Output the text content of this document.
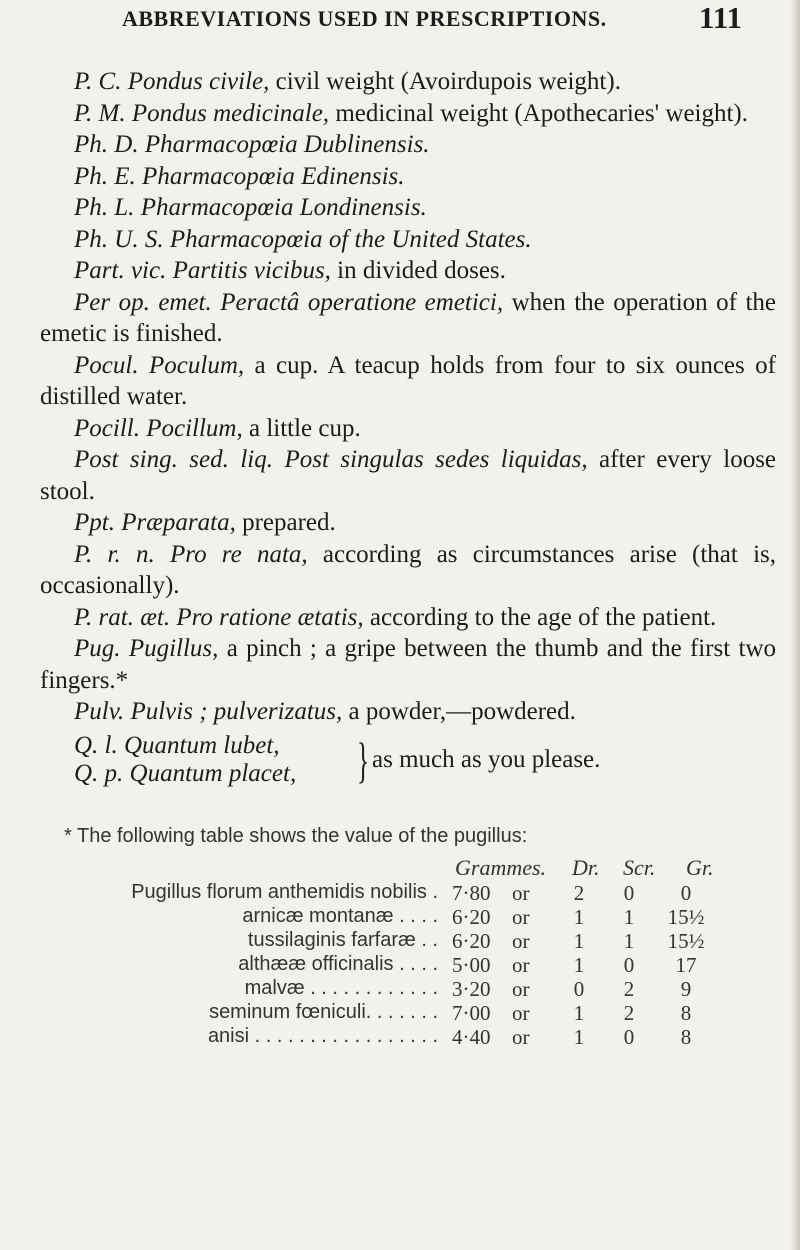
ABBREVIATIONS USED IN PRESCRIPTIONS.	111

P. C. Pondus civile, civil weight (Avoirdupois weight).

P. M. Pondus medicinale, medicinal weight (Apothecaries' weight).

Ph. D. Pharmacopœia Dublinensis.

Ph. E. Pharmacopœia Edinensis.

Ph. L. Pharmacopœia Londinensis.

Ph. U. S. Pharmacopœia of the United States.

Part. vic. Partitis vicibus, in divided doses.

Per op. emet. Peractâ operatione emetici, when the operation of the emetic is finished.

Pocul. Poculum, a cup. A teacup holds from four to six ounces of distilled water.

Pocill. Pocillum, a little cup.

Post sing. sed. liq. Post singulas sedes liquidas, after every loose stool.

Ppt. Præparata, prepared.

P. r. n. Pro re nata, according as circumstances arise (that is, occasionally).

P. rat. æt. Pro ratione ætatis, according to the age of the patient.

Pug. Pugillus, a pinch ; a gripe between the thumb and the first two fingers.*

Pulv. Pulvis ; pulverizatus, a powder,—powdered.

Q. l. Quantum lubet,
Q. p. Quantum placet, } as much as you please.
* The following table shows the value of the pugillus:
Grammes. Dr. Scr. Gr.
Pugillus florum anthemidis nobilis . 7·80 or	2	0	0
arnicæ montanæ . . . . 6·20 or	1	1	15½
tussilaginis farfaræ . . 6·20 or	1	1	15½
althææ officinalis . . . . 5·00 or	1	0	17
malvæ . . . . . . . . . . . . 3·20 or	0	2	9
seminum fœniculi. . . . . . . 7·00 or	1	2	8
anisi . . . . . . . . . . . . . . . . . 4·40 or	1	0	8
